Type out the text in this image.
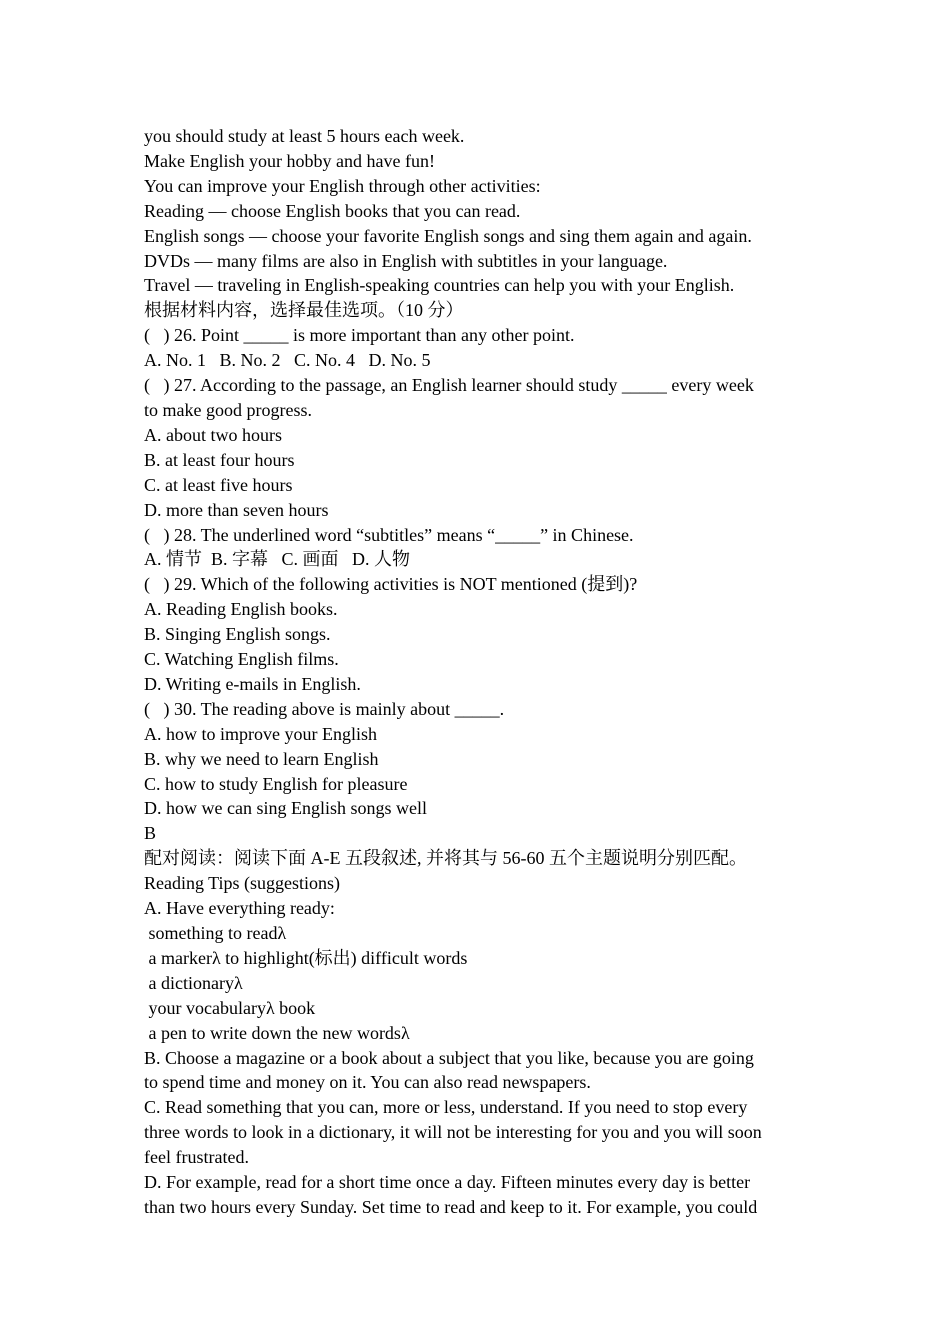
you should study at least 5 hours each week.
Make English your hobby and have fun!
You can improve your English through other activities:
Reading — choose English books that you can read.
English songs — choose your favorite English songs and sing them again and again.
DVDs — many films are also in English with subtitles in your language.
Travel — traveling in English-speaking countries can help you with your English.
根据材料内容，选择最佳选项。（10 分）
(   ) 26. Point _____ is more important than any other point.
A. No. 1   B. No. 2   C. No. 4   D. No. 5
(   ) 27. According to the passage, an English learner should study _____ every week
to make good progress.
A. about two hours
B. at least four hours
C. at least five hours
D. more than seven hours
(   ) 28. The underlined word “subtitles” means “_____” in Chinese.
A. 情节  B. 字幕   C. 画面   D. 人物
(   ) 29. Which of the following activities is NOT mentioned (提到)?
A. Reading English books.
B. Singing English songs.
C. Watching English films.
D. Writing e-mails in English.
(   ) 30. The reading above is mainly about _____.
A. how to improve your English
B. why we need to learn English
C. how to study English for pleasure
D. how we can sing English songs well
B
配对阅读：阅读下面 A-E 五段叙述, 并将其与 56-60 五个主题说明分别匹配。
Reading Tips (suggestions)
A. Have everything ready:
something to readλ
a markerλ to highlight(标出) difficult words
a dictionaryλ
your vocabularyλ book
a pen to write down the new wordsλ
B. Choose a magazine or a book about a subject that you like, because you are going
to spend time and money on it. You can also read newspapers.
C. Read something that you can, more or less, understand. If you need to stop every
three words to look in a dictionary, it will not be interesting for you and you will soon
feel frustrated.
D. For example, read for a short time once a day. Fifteen minutes every day is better
than two hours every Sunday. Set time to read and keep to it. For example, you could
